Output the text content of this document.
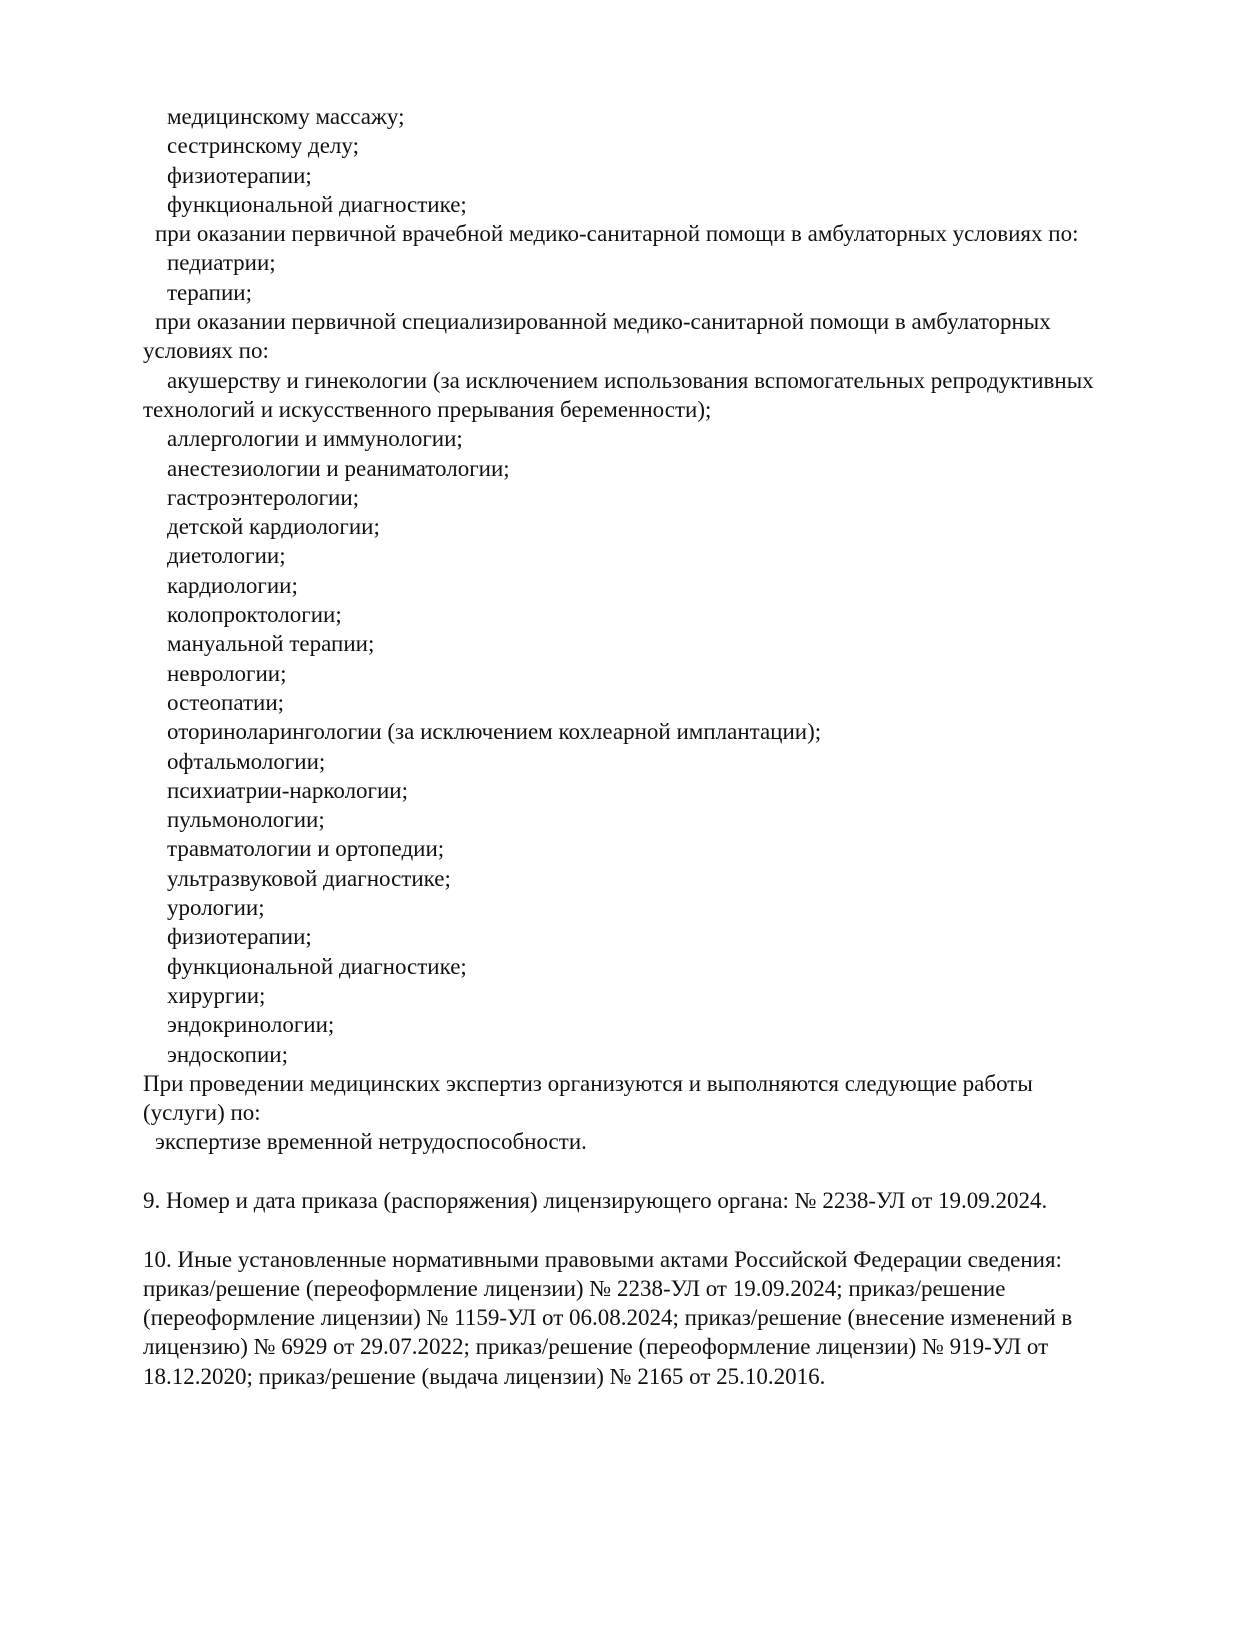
медицинскому массажу;
сестринскому делу;
физиотерапии;
функциональной диагностике;
при оказании первичной врачебной медико-санитарной помощи в амбулаторных условиях по:
педиатрии;
терапии;
при оказании первичной специализированной медико-санитарной помощи в амбулаторных
условиях по:
акушерству и гинекологии (за исключением использования вспомогательных репродуктивных
технологий и искусственного прерывания беременности);
аллергологии и иммунологии;
анестезиологии и реаниматологии;
гастроэнтерологии;
детской кардиологии;
диетологии;
кардиологии;
колопроктологии;
мануальной терапии;
неврологии;
остеопатии;
оториноларингологии (за исключением кохлеарной имплантации);
офтальмологии;
психиатрии-наркологии;
пульмонологии;
травматологии и ортопедии;
ультразвуковой диагностике;
урологии;
физиотерапии;
функциональной диагностике;
хирургии;
эндокринологии;
эндоскопии;
При проведении медицинских экспертиз организуются и выполняются следующие работы
(услуги) по:
экспертизе временной нетрудоспособности.
9. Номер и дата приказа (распоряжения) лицензирующего органа: № 2238-УЛ от 19.09.2024.
10. Иные установленные нормативными правовыми актами Российской Федерации сведения:
приказ/решение (переоформление лицензии) № 2238-УЛ от 19.09.2024; приказ/решение
(переоформление лицензии) № 1159-УЛ от 06.08.2024; приказ/решение (внесение изменений в
лицензию) № 6929 от 29.07.2022; приказ/решение (переоформление лицензии) № 919-УЛ от
18.12.2020; приказ/решение (выдача лицензии) № 2165 от 25.10.2016.
